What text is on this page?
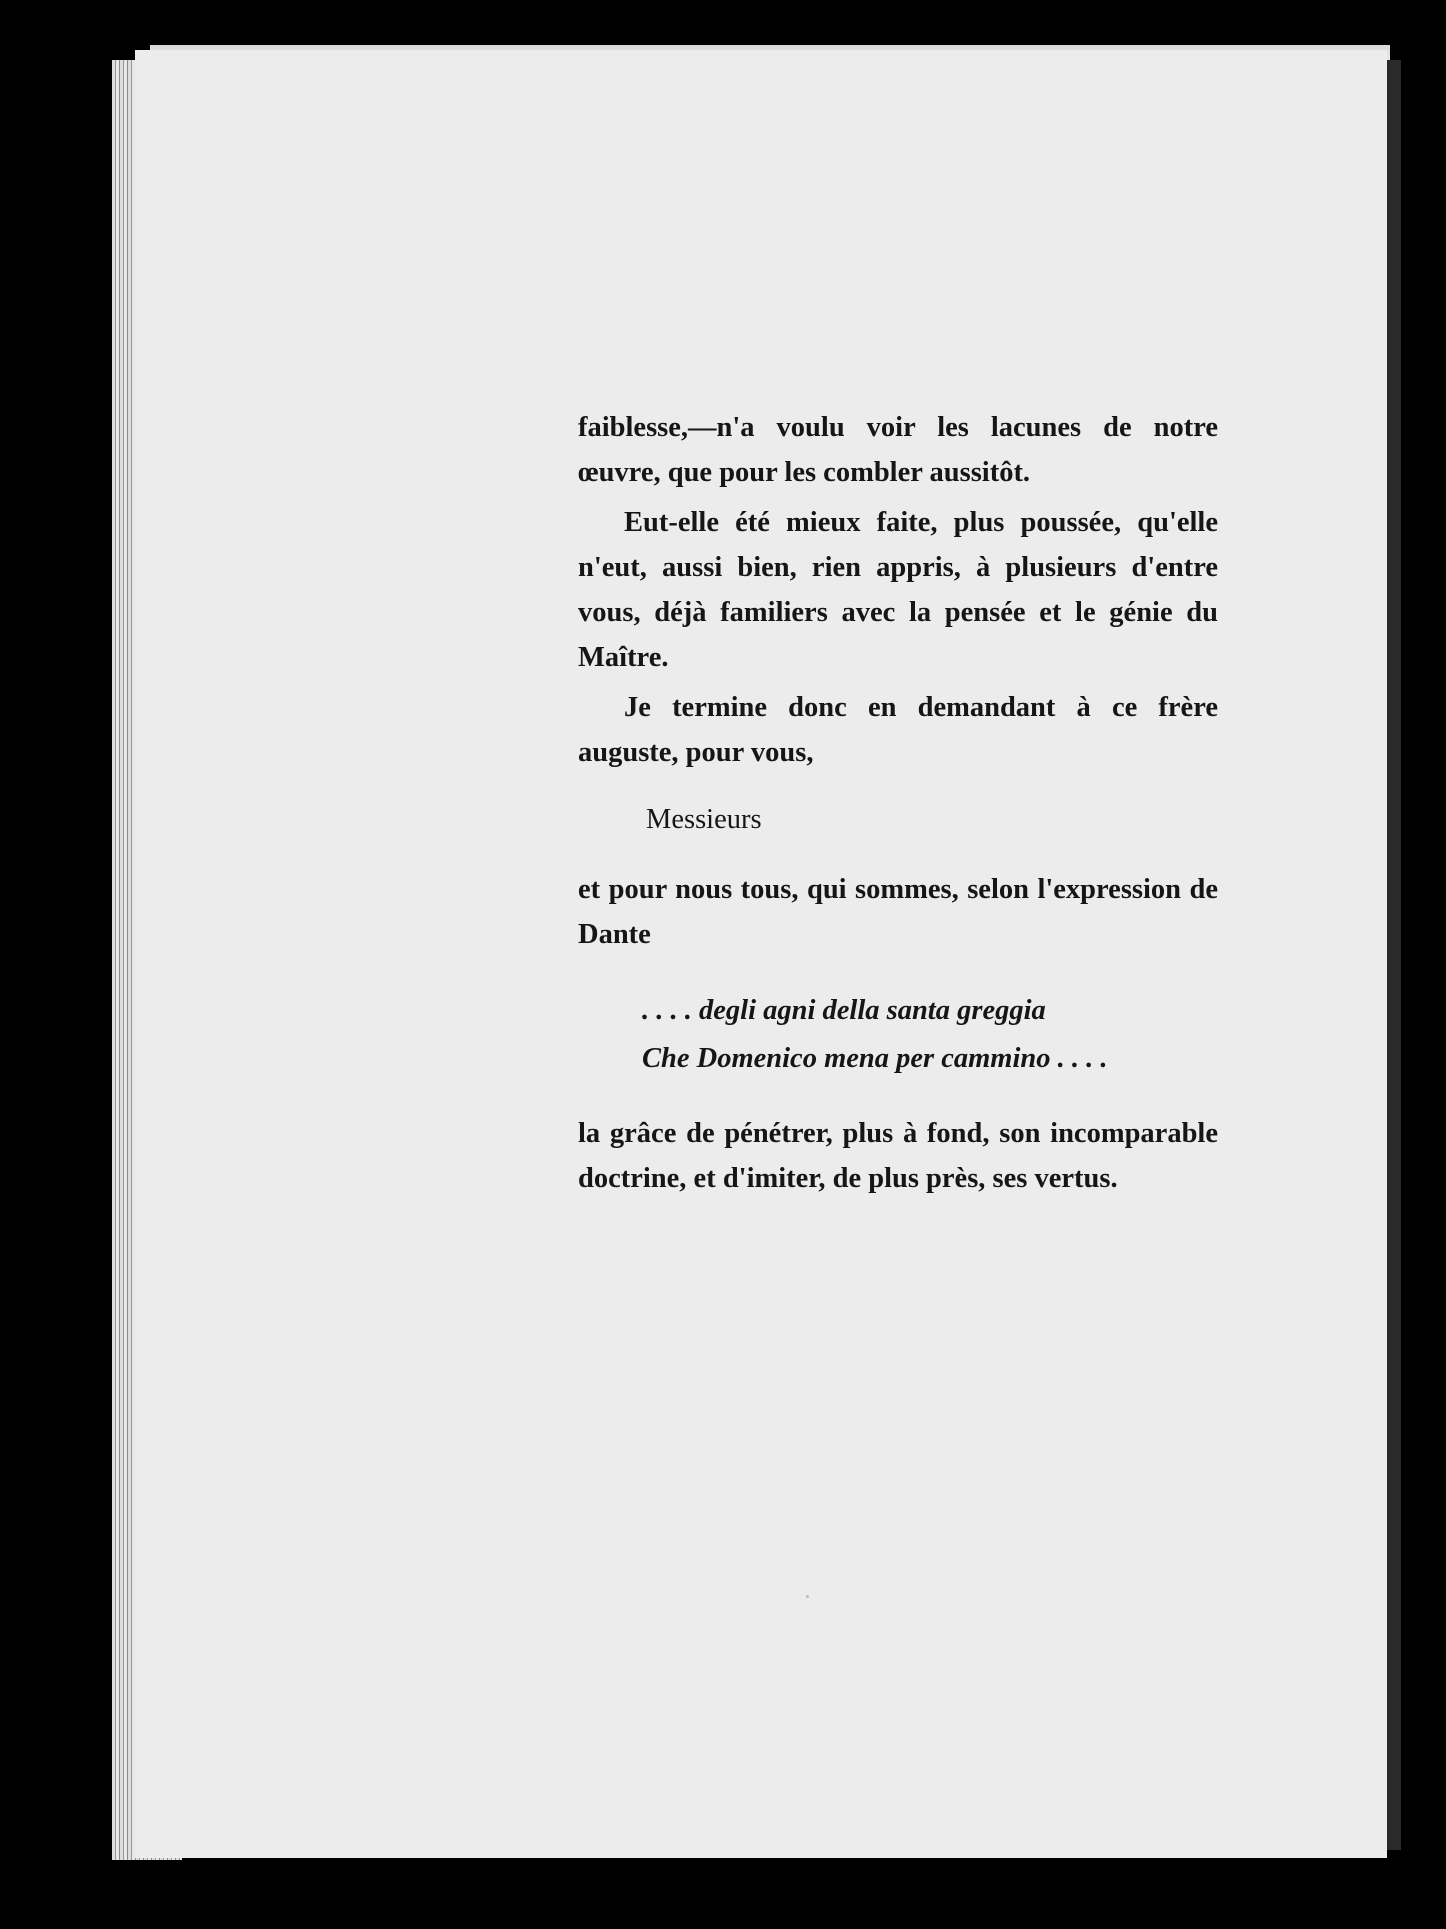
faiblesse,—n'a voulu voir les lacunes de notre œuvre, que pour les combler aussitôt.

Eut-elle été mieux faite, plus poussée, qu'elle n'eut, aussi bien, rien appris, à plusieurs d'entre vous, déjà familiers avec la pensée et le génie du Maître.

Je termine donc en demandant à ce frère auguste, pour vous,

Messieurs

et pour nous tous, qui sommes, selon l'expression de Dante

. . . . degli agni della santa greggia
Che Domenico mena per cammino . . . .

la grâce de pénétrer, plus à fond, son incomparable doctrine, et d'imiter, de plus près, ses vertus.
